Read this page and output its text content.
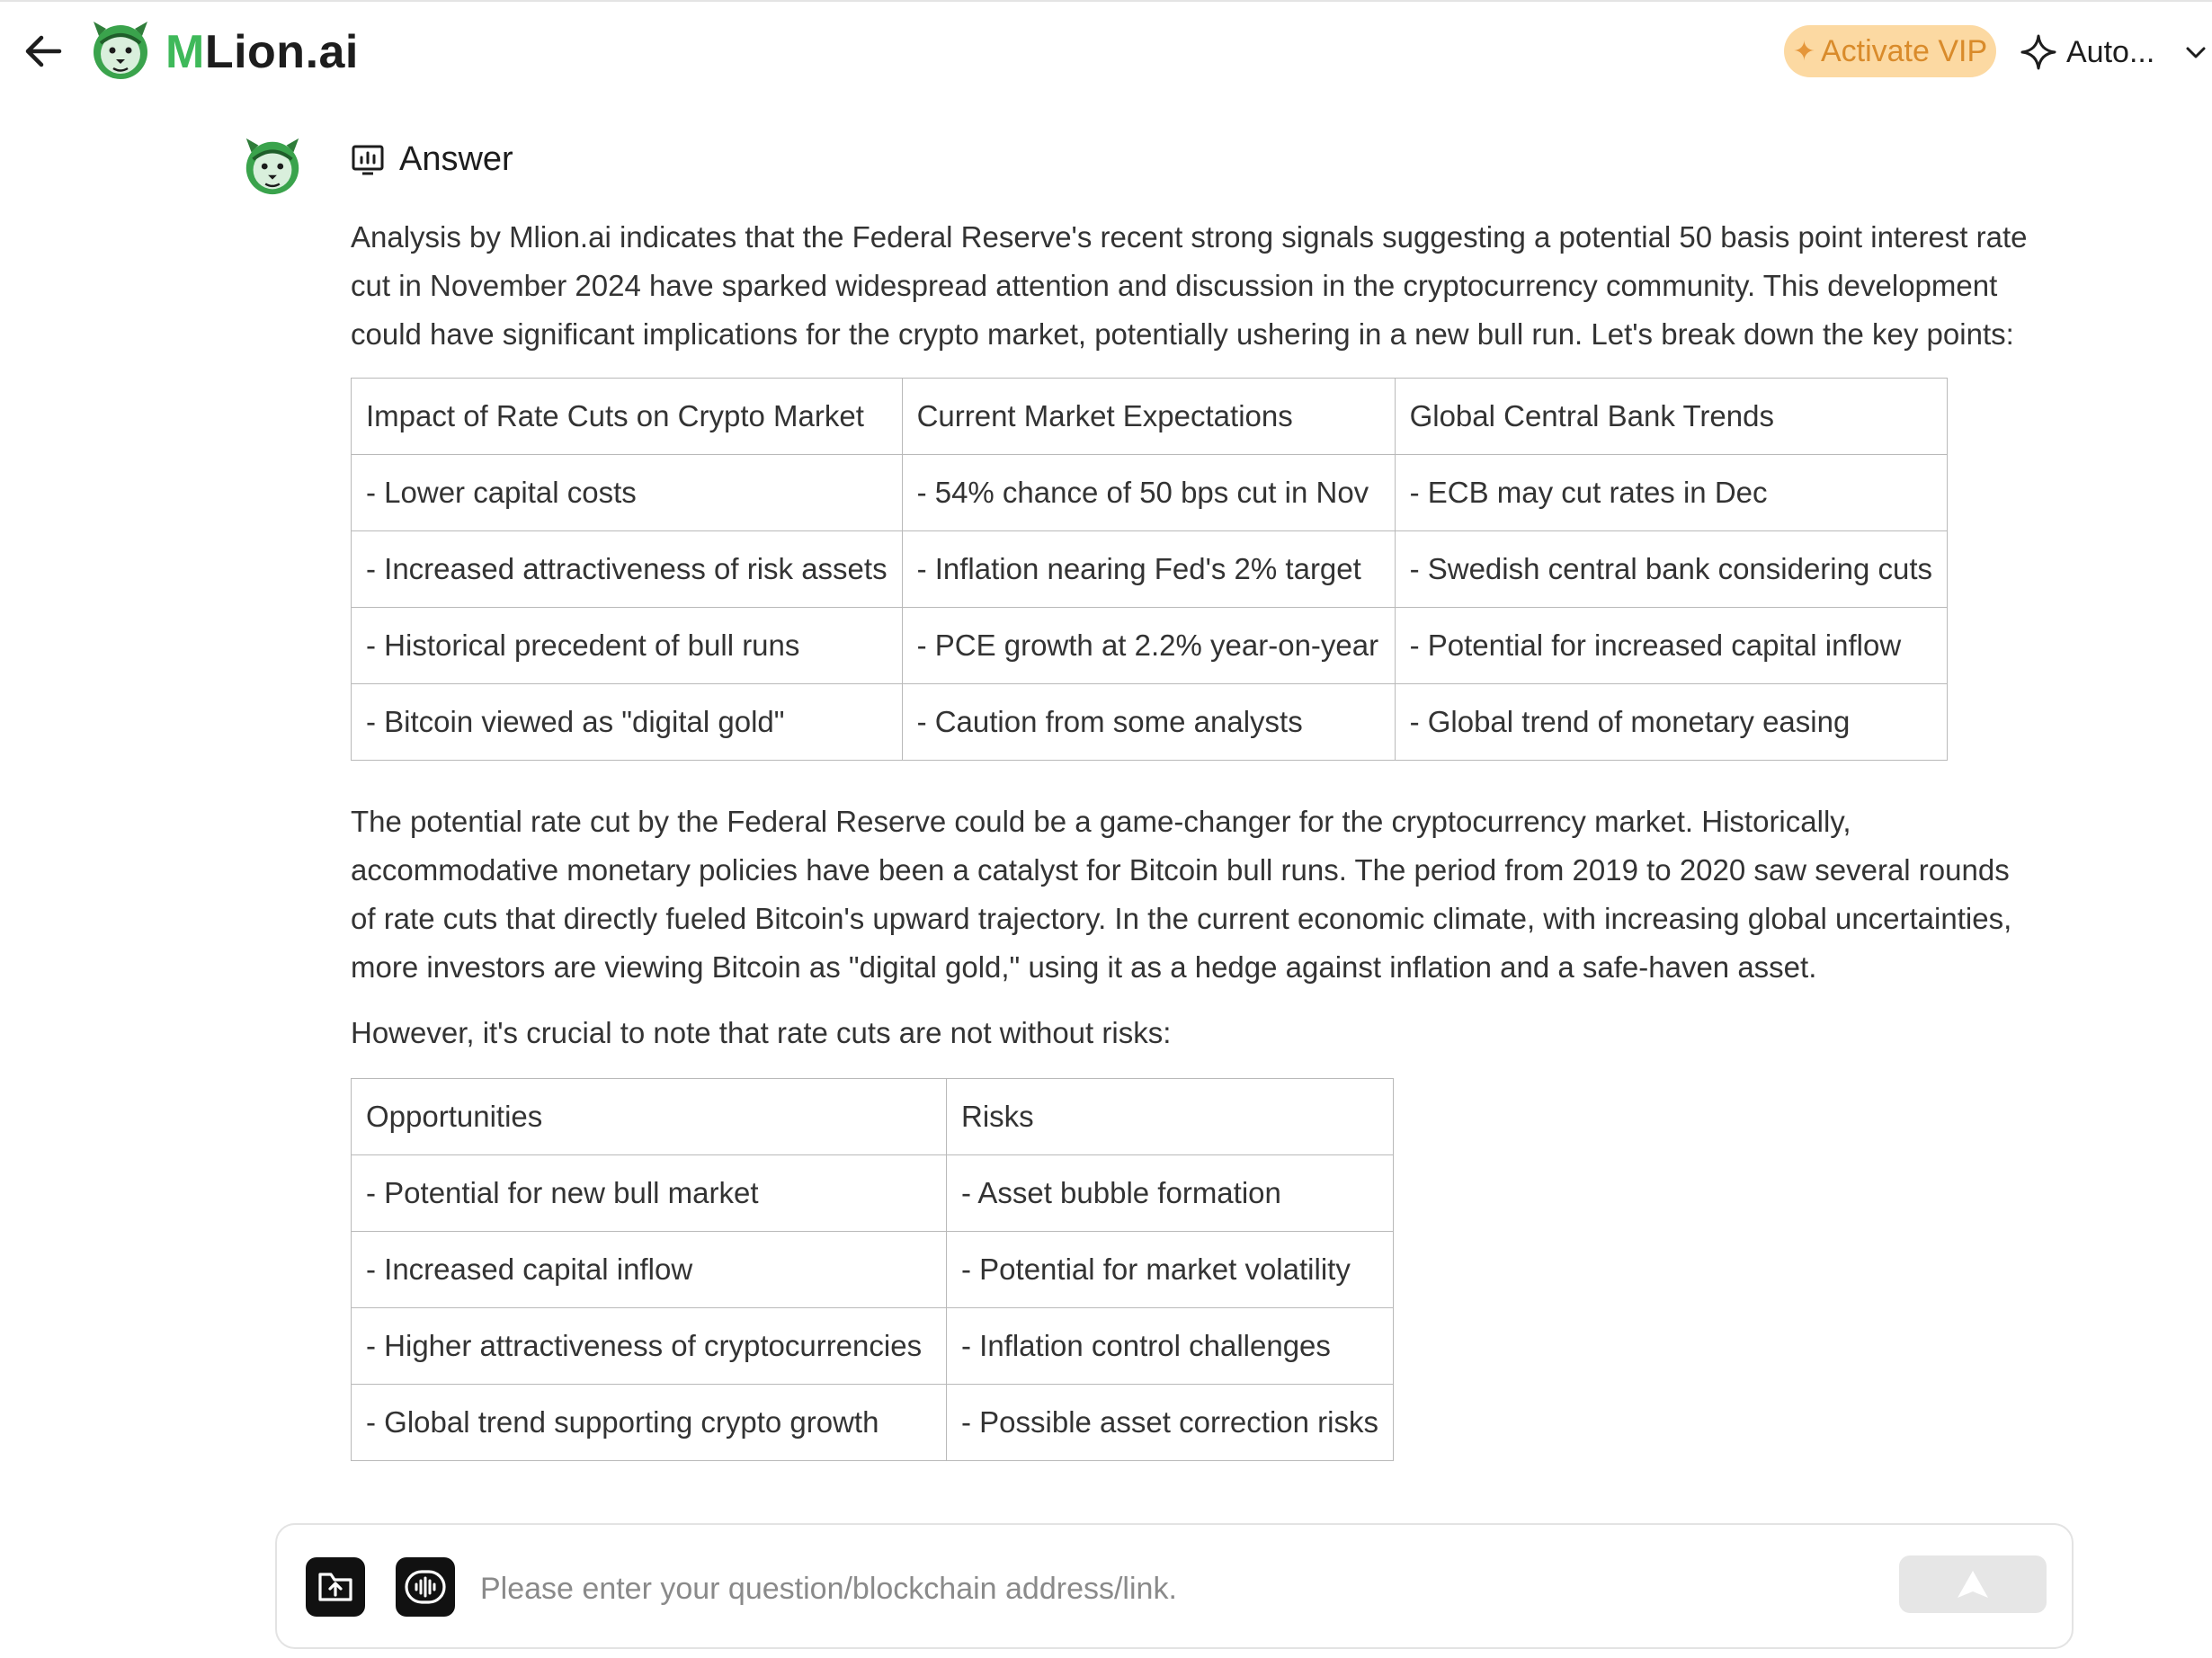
MLion.ai	✦ Activate VIP	Auto...
Answer
Analysis by Mlion.ai indicates that the Federal Reserve's recent strong signals suggesting a potential 50 basis point interest rate cut in November 2024 have sparked widespread attention and discussion in the cryptocurrency community. This development could have significant implications for the crypto market, potentially ushering in a new bull run. Let's break down the key points:
Impact of Rate Cuts on Crypto Market	Current Market Expectations	Global Central Bank Trends
- Lower capital costs	- 54% chance of 50 bps cut in Nov	- ECB may cut rates in Dec
- Increased attractiveness of risk assets	- Inflation nearing Fed's 2% target	- Swedish central bank considering cuts
- Historical precedent of bull runs	- PCE growth at 2.2% year-on-year	- Potential for increased capital inflow
- Bitcoin viewed as "digital gold"	- Caution from some analysts	- Global trend of monetary easing
The potential rate cut by the Federal Reserve could be a game-changer for the cryptocurrency market. Historically, accommodative monetary policies have been a catalyst for Bitcoin bull runs. The period from 2019 to 2020 saw several rounds of rate cuts that directly fueled Bitcoin's upward trajectory. In the current economic climate, with increasing global uncertainties, more investors are viewing Bitcoin as "digital gold," using it as a hedge against inflation and a safe-haven asset.
However, it's crucial to note that rate cuts are not without risks:
Opportunities	Risks
- Potential for new bull market	- Asset bubble formation
- Increased capital inflow	- Potential for market volatility
- Higher attractiveness of cryptocurrencies	- Inflation control challenges
- Global trend supporting crypto growth	- Possible asset correction risks
Please enter your question/blockchain address/link.
